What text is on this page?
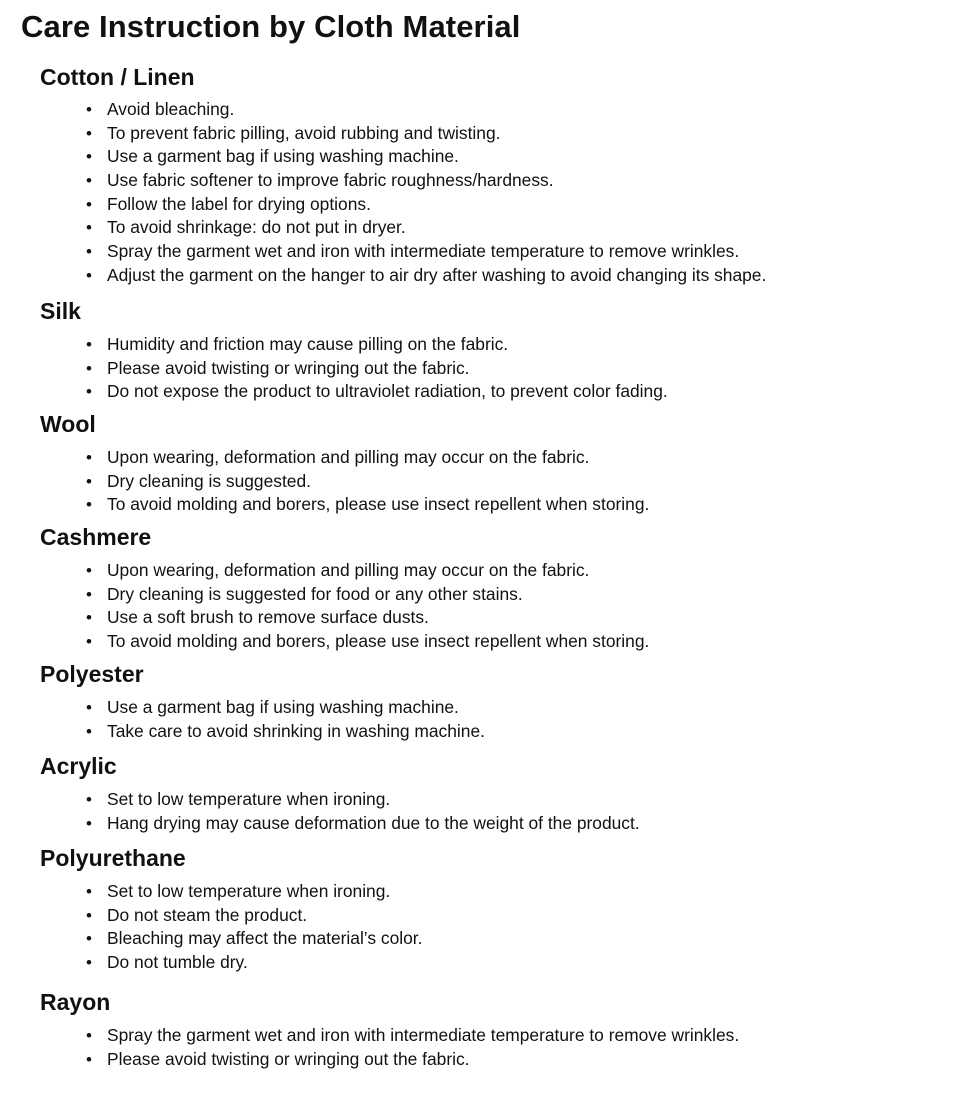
Care Instruction by Cloth Material
Cotton / Linen
• Avoid bleaching.
• To prevent fabric pilling, avoid rubbing and twisting.
• Use a garment bag if using washing machine.
• Use fabric softener to improve fabric roughness/hardness.
• Follow the label for drying options.
• To avoid shrinkage: do not put in dryer.
• Spray the garment wet and iron with intermediate temperature to remove wrinkles.
• Adjust the garment on the hanger to air dry after washing to avoid changing its shape.
Silk
• Humidity and friction may cause pilling on the fabric.
• Please avoid twisting or wringing out the fabric.
• Do not expose the product to ultraviolet radiation, to prevent color fading.
Wool
• Upon wearing, deformation and pilling may occur on the fabric.
• Dry cleaning is suggested.
• To avoid molding and borers, please use insect repellent when storing.
Cashmere
• Upon wearing, deformation and pilling may occur on the fabric.
• Dry cleaning is suggested for food or any other stains.
• Use a soft brush to remove surface dusts.
• To avoid molding and borers, please use insect repellent when storing.
Polyester
• Use a garment bag if using washing machine.
• Take care to avoid shrinking in washing machine.
Acrylic
• Set to low temperature when ironing.
• Hang drying may cause deformation due to the weight of the product.
Polyurethane
• Set to low temperature when ironing.
• Do not steam the product.
• Bleaching may affect the material’s color.
• Do not tumble dry.
Rayon
• Spray the garment wet and iron with intermediate temperature to remove wrinkles.
• Please avoid twisting or wringing out the fabric.
